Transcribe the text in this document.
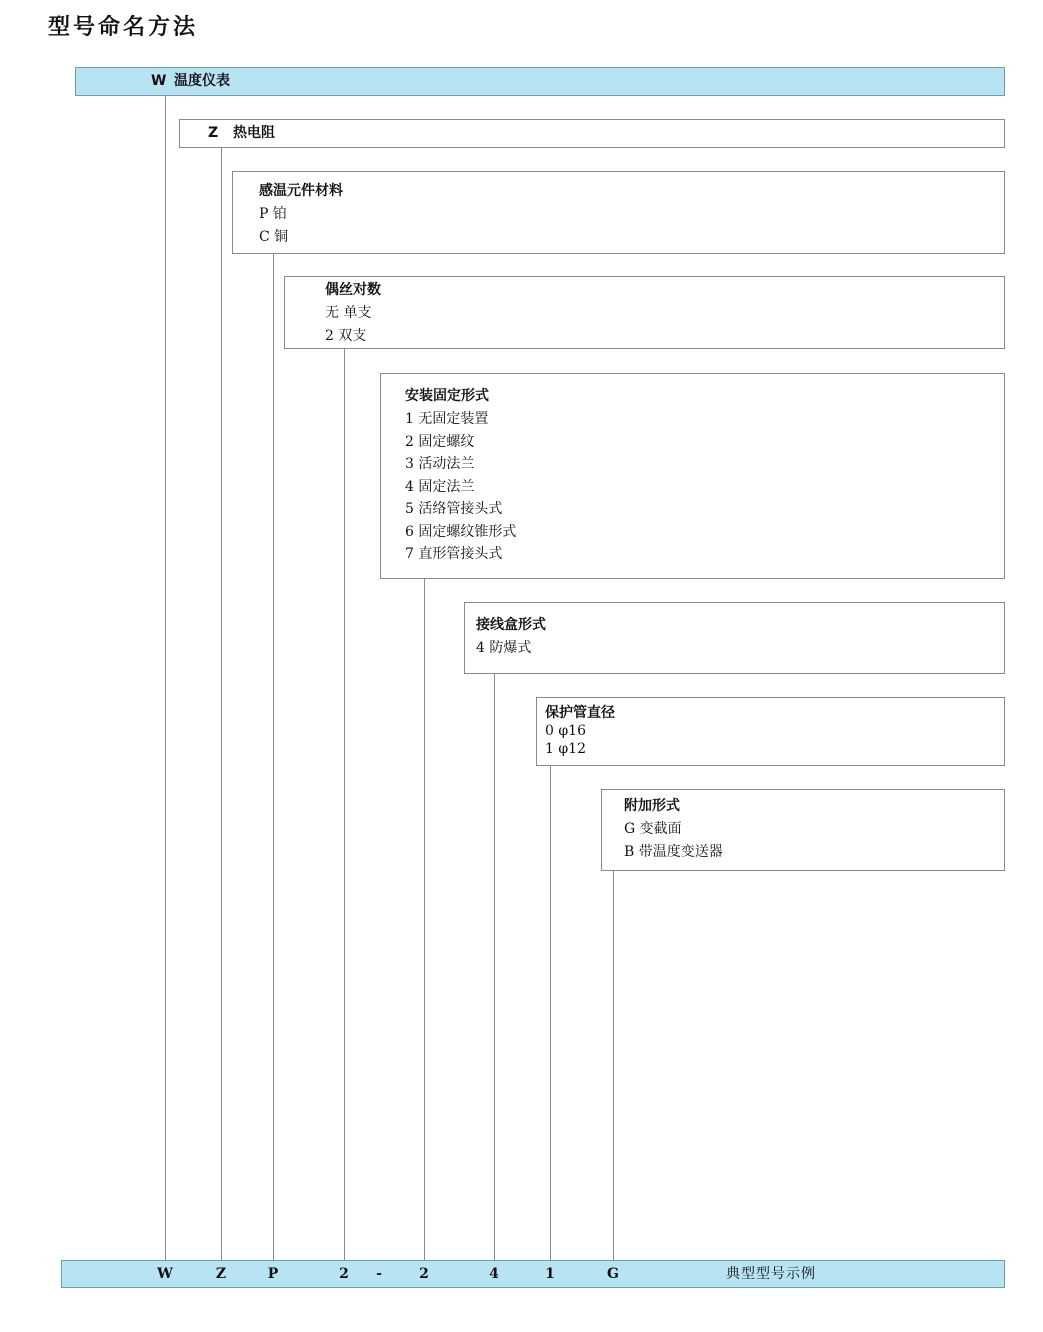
型号命名方法
W 温度仪表
Z 热电阻
感温元件材料
P 铂
C 铜
偶丝对数
无 单支
2 双支
安装固定形式
1 无固定装置
2 固定螺纹
3 活动法兰
4 固定法兰
5 活络管接头式
6 固定螺纹锥形式
7 直形管接头式
接线盒形式
4 防爆式
保护管直径
0 φ16
1 φ12
附加形式
G 变截面
B 带温度变送器
W	Z	P	2 -	2	4	1	G	典型型号示例
